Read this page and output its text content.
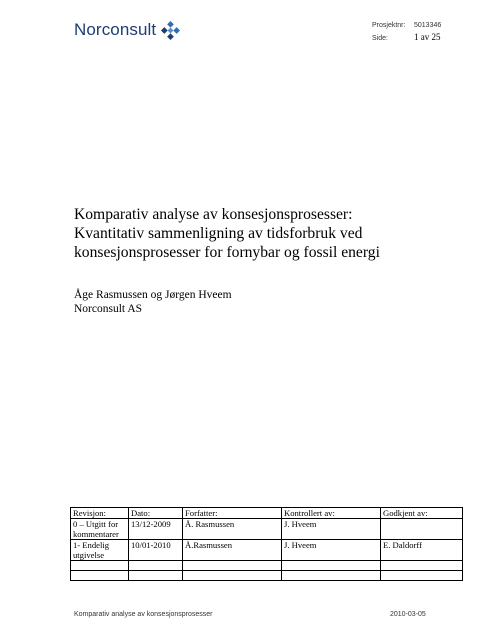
Norconsult	Prosjektnr:	5013346
Side:	1 av 25
Komparativ analyse av konsesjonsprosesser:
Kvantitativ sammenligning av tidsforbruk ved
konsesjonsprosesser for fornybar og fossil energi
Åge Rasmussen og Jørgen Hveem
Norconsult AS
Revisjon:	Dato:	Forfatter:	Kontrollert av:	Godkjent av:
0 – Utgitt for kommentarer	13/12-2009	Å. Rasmussen	J. Hveem	
1- Endelig utgivelse	10/01-2010	Å.Rasmussen	J. Hveem	E. Daldorff

Komparativ analyse av konsesjonsprosesser	2010-03-05
